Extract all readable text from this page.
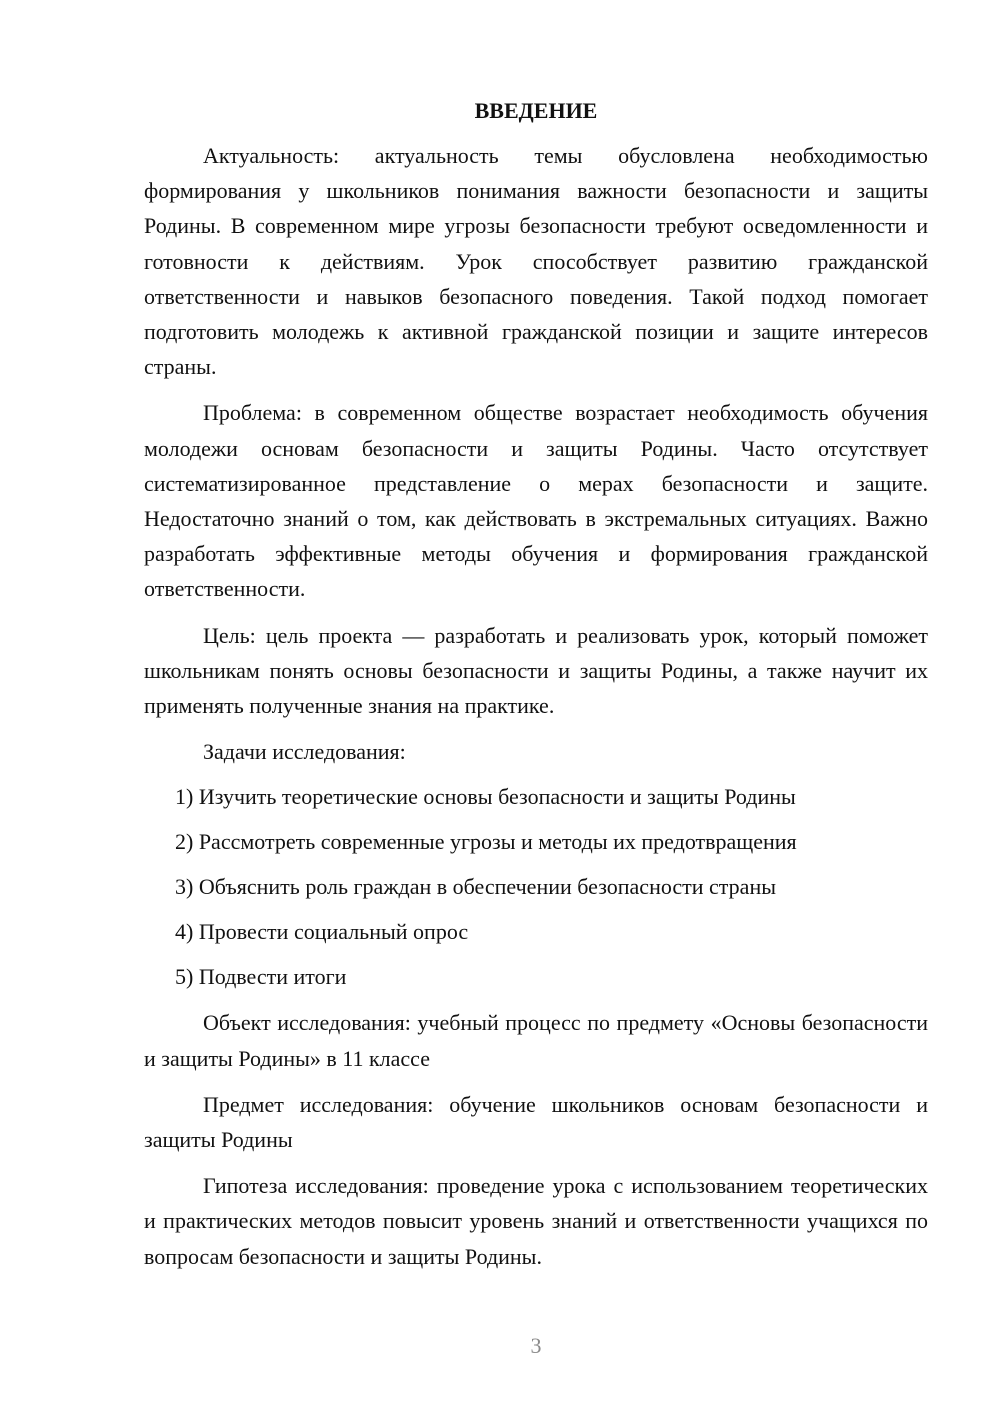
ВВЕДЕНИЕ

Актуальность: актуальность темы обусловлена необходимостью формирования у школьников понимания важности безопасности и защиты Родины. В современном мире угрозы безопасности требуют осведомленности и готовности к действиям. Урок способствует развитию гражданской ответственности и навыков безопасного поведения. Такой подход помогает подготовить молодежь к активной гражданской позиции и защите интересов страны.

Проблема: в современном обществе возрастает необходимость обучения молодежи основам безопасности и защиты Родины. Часто отсутствует систематизированное представление о мерах безопасности и защите. Недостаточно знаний о том, как действовать в экстремальных ситуациях. Важно разработать эффективные методы обучения и формирования гражданской ответственности.

Цель: цель проекта — разработать и реализовать урок, который поможет школьникам понять основы безопасности и защиты Родины, а также научит их применять полученные знания на практике.

Задачи исследования:

1) Изучить теоретические основы безопасности и защиты Родины

2) Рассмотреть современные угрозы и методы их предотвращения

3) Объяснить роль граждан в обеспечении безопасности страны

4) Провести социальный опрос

5) Подвести итоги

Объект исследования: учебный процесс по предмету «Основы безопасности и защиты Родины» в 11 классе

Предмет исследования: обучение школьников основам безопасности и защиты Родины

Гипотеза исследования: проведение урока с использованием теоретических и практических методов повысит уровень знаний и ответственности учащихся по вопросам безопасности и защиты Родины.

3
